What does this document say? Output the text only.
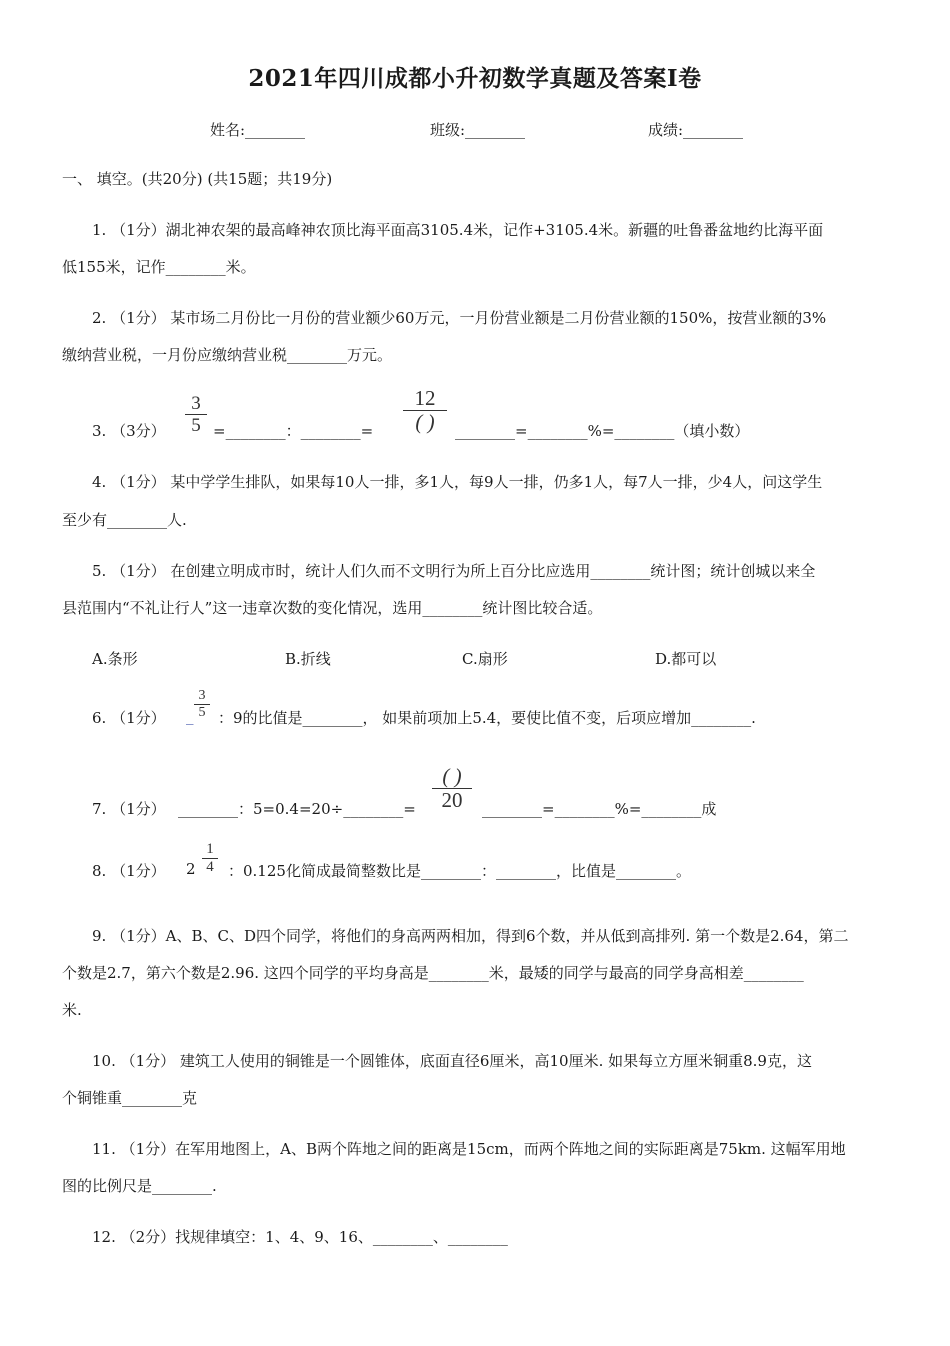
2021年四川成都小升初数学真题及答案I卷
姓名:________	班级:________	成绩:________
一、 填空。(共20分) (共15题；共19分)
1. （1分）湖北神农架的最高峰神农顶比海平面高3105.4米，记作+3105.4米。新疆的吐鲁番盆地约比海平面
低155米，记作________米。
2. （1分） 某市场二月份比一月份的营业额少60万元，一月份营业额是二月份营业额的150%，按营业额的3%
缴纳营业税，一月份应缴纳营业税________万元。
3. （3分）
3
5 =________：________=
12
( )	________=________%=________（填小数）
4. （1分） 某中学学生排队，如果每10人一排，多1人，每9人一排，仍多1人，每7人一排，少4人，问这学生
至少有________人.
5. （1分） 在创建立明成市时，统计人们久而不文明行为所上百分比应选用________统计图；统计创城以来全
县范围内“不礼让行人”这一违章次数的变化情况，选用________统计图比较合适。
A.条形	B.折线	C.扇形	D.都可以
6. （1分） _
3
5 ：9的比值是________， 如果前项加上5.4，要使比值不变，后项应增加________.
7. （1分） ________：5=0.4=20÷________=
( )
20	________=________%=________成
8. （1分） 2
1
4 ：0.125化简成最简整数比是________：________，比值是________。
9. （1分）A、B、C、D四个同学，将他们的身高两两相加，得到6个数，并从低到高排列. 第一个数是2.64，第二
个数是2.7，第六个数是2.96. 这四个同学的平均身高是________米，最矮的同学与最高的同学身高相差________
米.
10. （1分） 建筑工人使用的铜锥是一个圆锥体，底面直径6厘米，高10厘米. 如果每立方厘米铜重8.9克，这
个铜锥重________克
11. （1分）在军用地图上，A、B两个阵地之间的距离是15cm，而两个阵地之间的实际距离是75km. 这幅军用地
图的比例尺是________.
12. （2分）找规律填空：1、4、9、16、________、________
